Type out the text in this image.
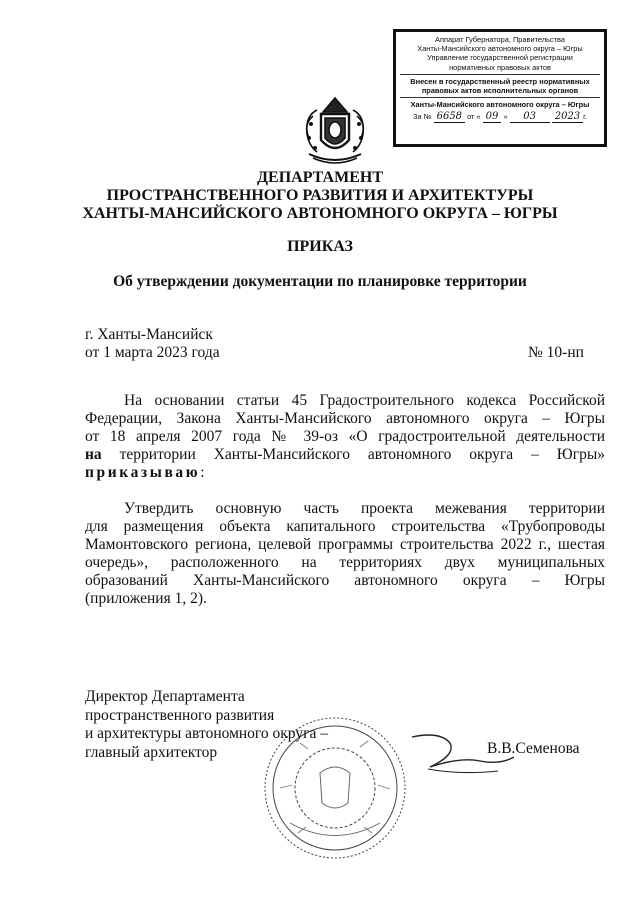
Аппарат Губернатора, Правительства
Ханты-Мансийского автономного округа – Югры
Управление государственной регистрации
нормативных правовых актов
Внесен в государственный реестр нормативных
правовых актов исполнительных органов
Ханты-Мансийского автономного округа – Югры
За № 6658 от « 09 » 03 2023 г.
ДЕПАРТАМЕНТ
ПРОСТРАНСТВЕННОГО РАЗВИТИЯ И АРХИТЕКТУРЫ
ХАНТЫ-МАНСИЙСКОГО АВТОНОМНОГО ОКРУГА – ЮГРЫ
ПРИКАЗ
Об утверждении документации по планировке территории
г. Ханты-Мансийск
от 1 марта 2023 года	№ 10-нп
На основании статьи 45 Градостроительного кодекса Российской
Федерации, Закона Ханты-Мансийского автономного округа – Югры
от 18 апреля 2007 года № 39-оз «О градостроительной деятельности
на территории Ханты-Мансийского автономного округа – Югры»
приказываю:
Утвердить основную часть проекта межевания территории
для размещения объекта капитального строительства «Трубопроводы
Мамонтовского региона, целевой программы строительства 2022 г., шестая
очередь», расположенного на территориях двух муниципальных
образований Ханты-Мансийского автономного округа – Югры
(приложения 1, 2).
Директор Департамента
пространственного развития
и архитектуры автономного округа –
главный архитектор	В.В.Семенова
